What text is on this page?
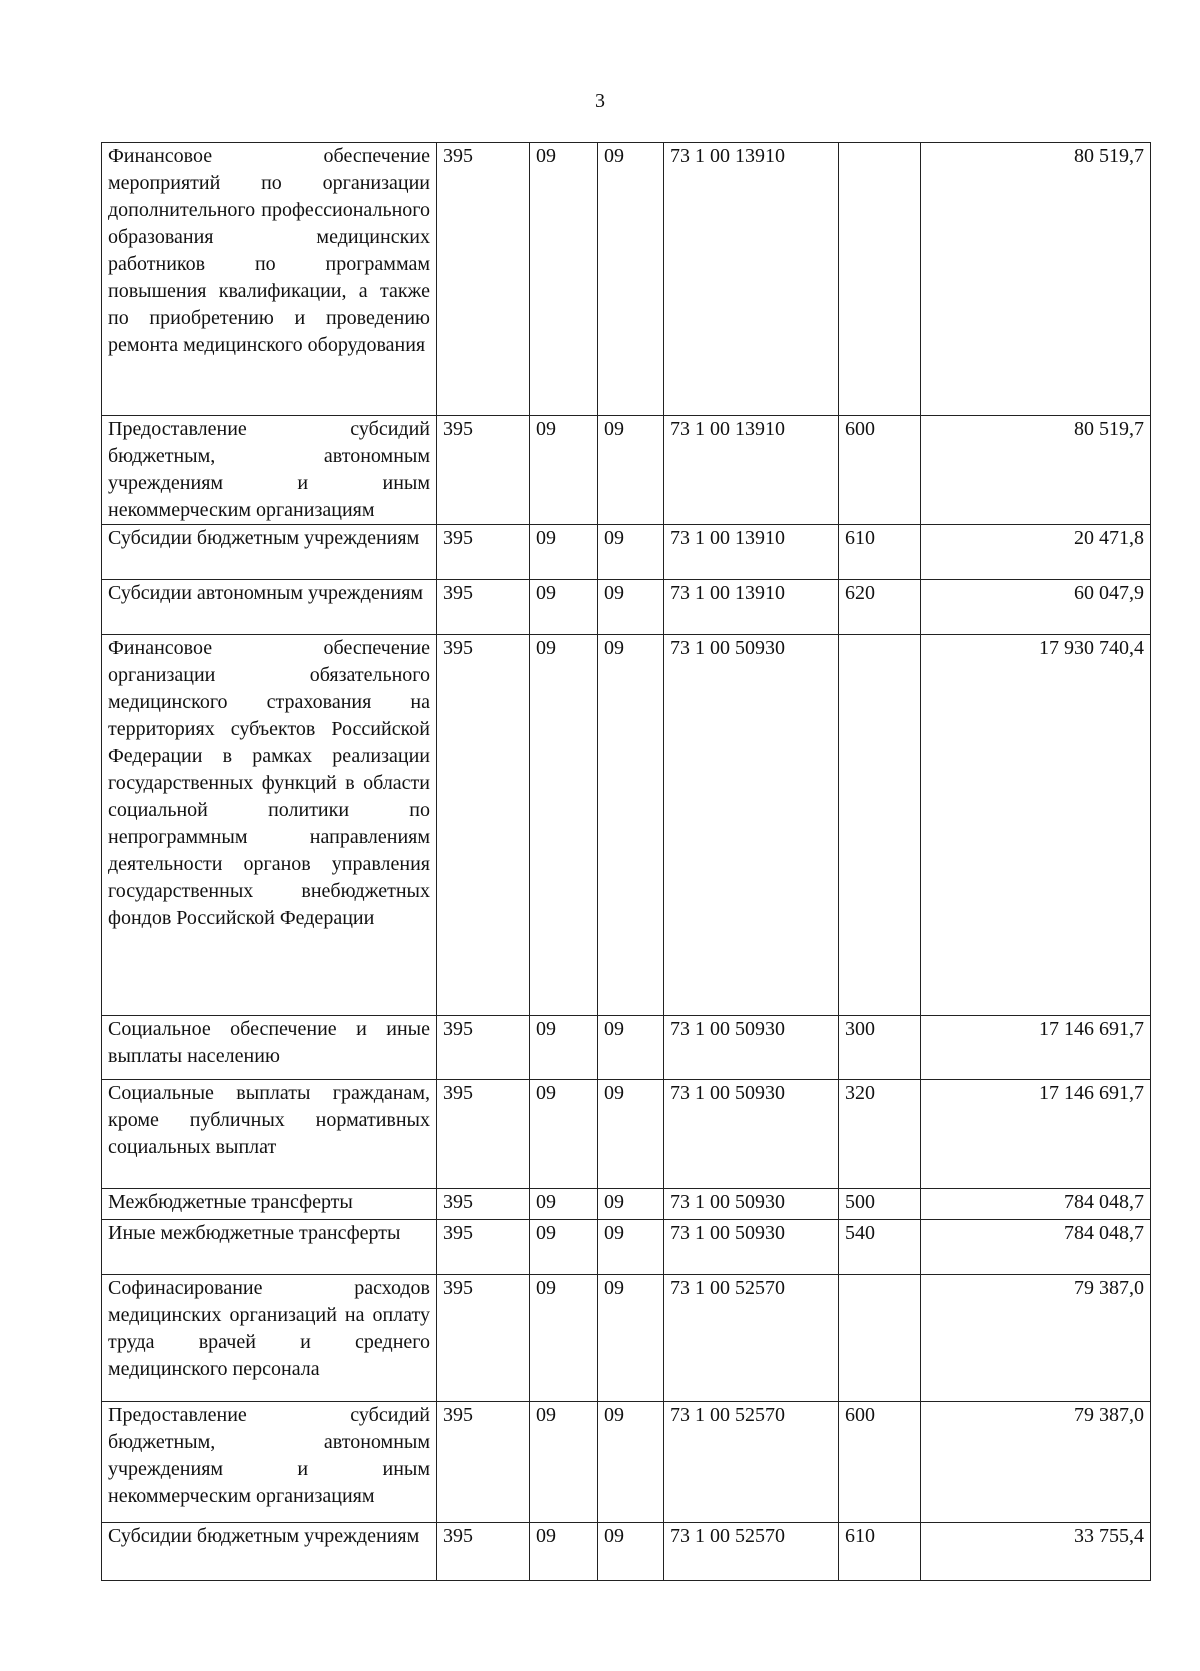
3
Финансовое обеспечение мероприятий по организации дополнительного профессионального образования медицинских работников по программам повышения квалификации, а также по приобретению и проведению ремонта медицинского оборудования	395	09	09	73 1 00 13910		80 519,7
Предоставление субсидий бюджетным, автономным учреждениям и иным некоммерческим организациям	395	09	09	73 1 00 13910	600	80 519,7
Субсидии бюджетным учреждениям	395	09	09	73 1 00 13910	610	20 471,8
Субсидии автономным учреждениям	395	09	09	73 1 00 13910	620	60 047,9
Финансовое обеспечение организации обязательного медицинского страхования на территориях субъектов Российской Федерации в рамках реализации государственных функций в области социальной политики по непрограммным направлениям деятельности органов управления государственных внебюджетных фондов Российской Федерации	395	09	09	73 1 00 50930		17 930 740,4
Социальное обеспечение и иные выплаты населению	395	09	09	73 1 00 50930	300	17 146 691,7
Социальные выплаты гражданам, кроме публичных нормативных социальных выплат	395	09	09	73 1 00 50930	320	17 146 691,7
Межбюджетные трансферты	395	09	09	73 1 00 50930	500	784 048,7
Иные межбюджетные трансферты	395	09	09	73 1 00 50930	540	784 048,7
Софинасирование расходов медицинских организаций на оплату труда врачей и среднего медицинского персонала	395	09	09	73 1 00 52570		79 387,0
Предоставление субсидий бюджетным, автономным учреждениям и иным некоммерческим организациям	395	09	09	73 1 00 52570	600	79 387,0
Субсидии бюджетным учреждениям	395	09	09	73 1 00 52570	610	33 755,4
